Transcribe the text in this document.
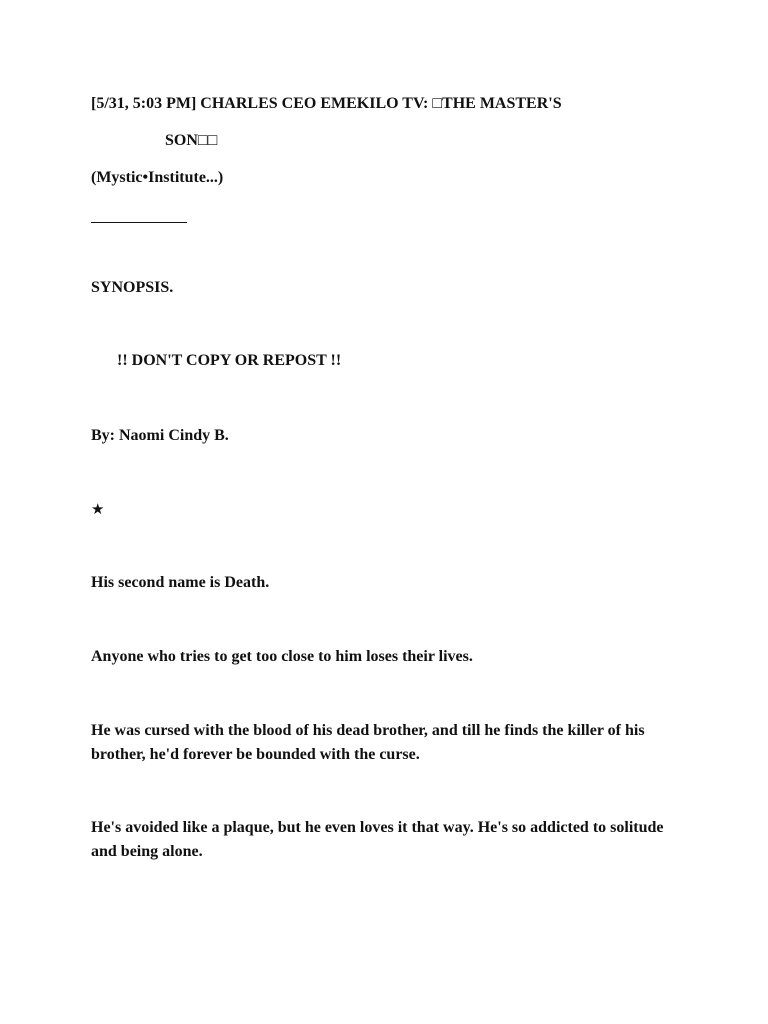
[5/31, 5:03 PM] CHARLES CEO EMEKILO TV: □THE MASTER'S
SON□□
(Mystic•Institute...)
SYNOPSIS.
!! DON'T COPY OR REPOST !!
By: Naomi Cindy B.
★
His second name is Death.
Anyone who tries to get too close to him loses their lives.
He was cursed with the blood of his dead brother, and till he finds the killer of his brother, he'd forever be bounded with the curse.
He's avoided like a plaque, but he even loves it that way. He's so addicted to solitude and being alone.
